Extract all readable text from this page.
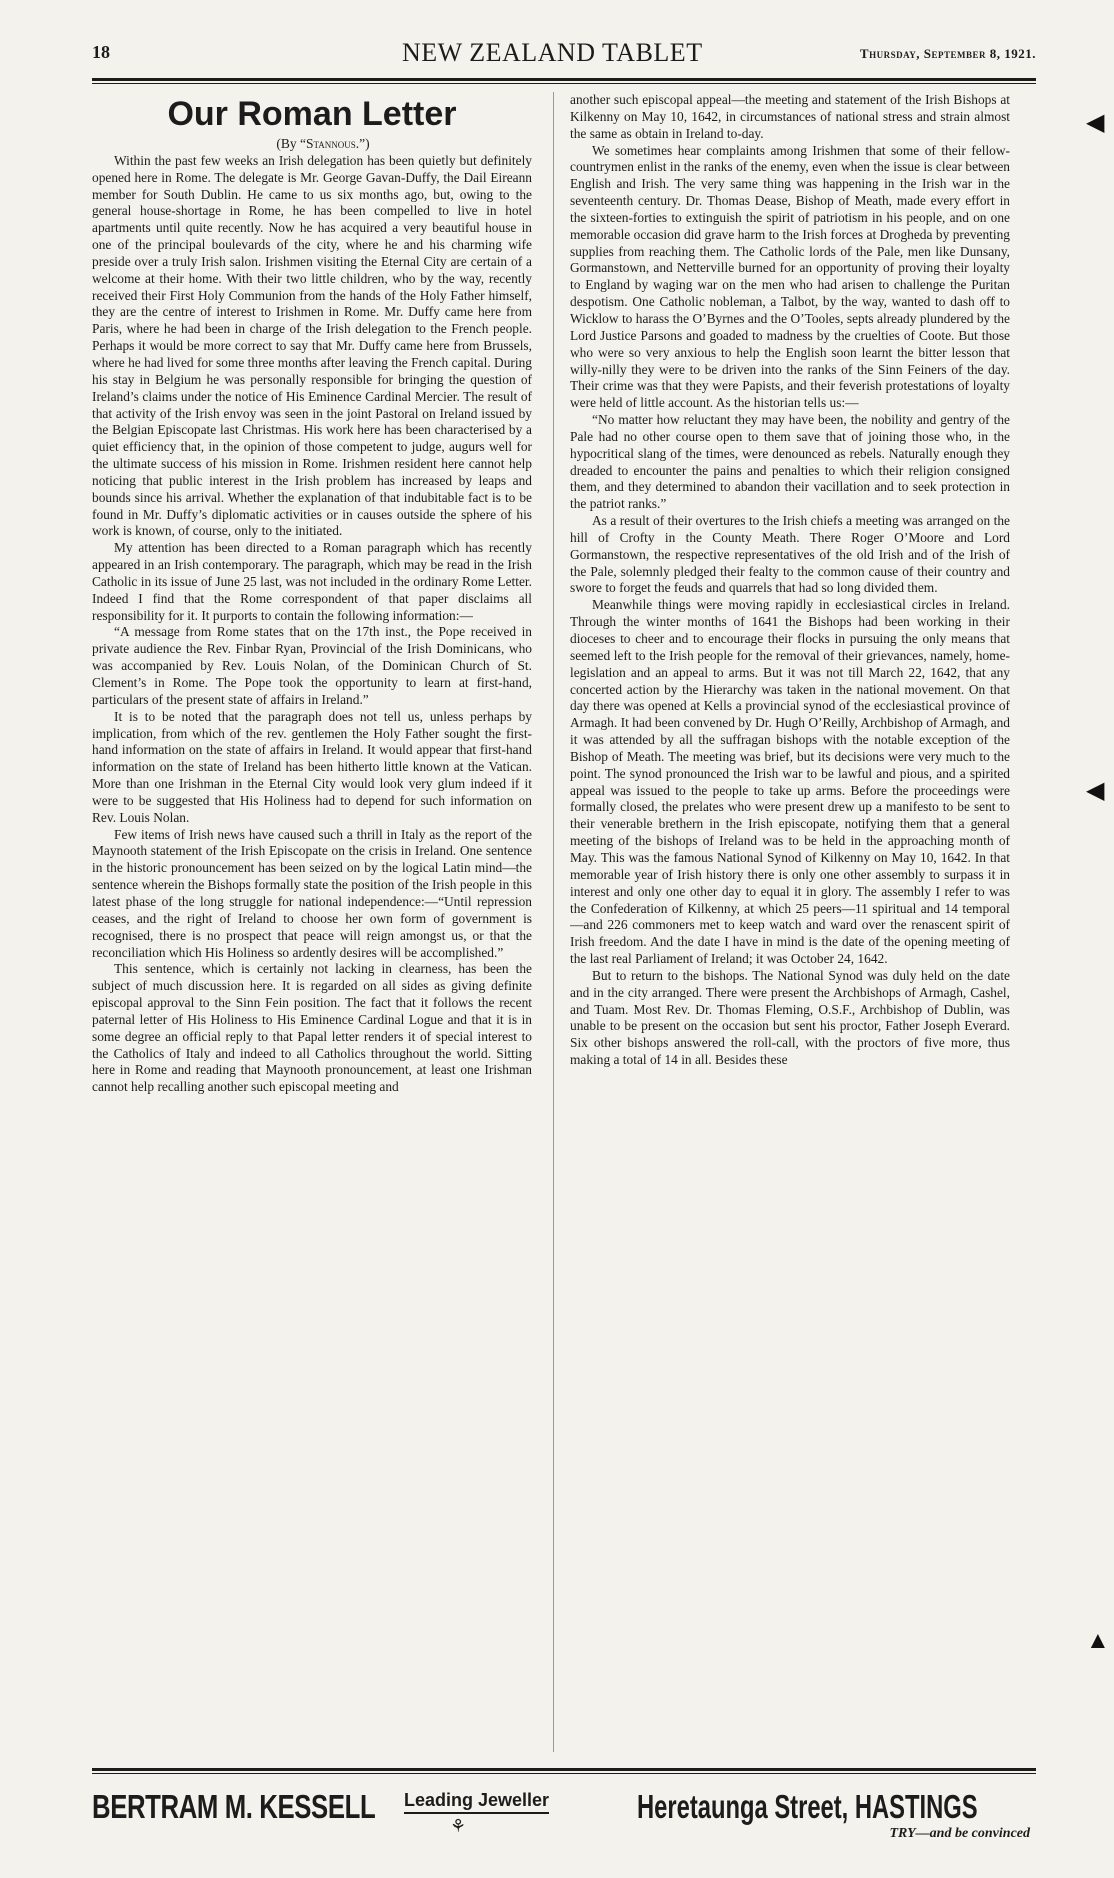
18	NEW ZEALAND TABLET	Thursday, September 8, 1921.
Our Roman Letter

(By “Stannous.”)

Within the past few weeks an Irish delegation has been quietly but definitely opened here in Rome. The delegate is Mr. George Gavan-Duffy, the Dail Eireann member for South Dublin. He came to us six months ago, but, owing to the general house-shortage in Rome, he has been compelled to live in hotel apartments until quite recently. Now he has acquired a very beautiful house in one of the principal boulevards of the city, where he and his charming wife preside over a truly Irish salon. Irishmen visiting the Eternal City are certain of a welcome at their home. With their two little children, who by the way, recently received their First Holy Communion from the hands of the Holy Father himself, they are the centre of interest to Irishmen in Rome. Mr. Duffy came here from Paris, where he had been in charge of the Irish delegation to the French people. Perhaps it would be more correct to say that Mr. Duffy came here from Brussels, where he had lived for some three months after leaving the French capital. During his stay in Belgium he was personally responsible for bringing the question of Ireland’s claims under the notice of His Eminence Cardinal Mercier. The result of that activity of the Irish envoy was seen in the joint Pastoral on Ireland issued by the Belgian Episcopate last Christmas. His work here has been characterised by a quiet efficiency that, in the opinion of those competent to judge, augurs well for the ultimate success of his mission in Rome. Irishmen resident here cannot help noticing that public interest in the Irish problem has increased by leaps and bounds since his arrival. Whether the explanation of that indubitable fact is to be found in Mr. Duffy’s diplomatic activities or in causes outside the sphere of his work is known, of course, only to the initiated.

My attention has been directed to a Roman paragraph which has recently appeared in an Irish contemporary. The paragraph, which may be read in the Irish Catholic in its issue of June 25 last, was not included in the ordinary Rome Letter. Indeed I find that the Rome correspondent of that paper disclaims all responsibility for it. It purports to contain the following information:—

“A message from Rome states that on the 17th inst., the Pope received in private audience the Rev. Finbar Ryan, Provincial of the Irish Dominicans, who was accompanied by Rev. Louis Nolan, of the Dominican Church of St. Clement’s in Rome. The Pope took the opportunity to learn at first-hand, particulars of the present state of affairs in Ireland.”

It is to be noted that the paragraph does not tell us, unless perhaps by implication, from which of the rev. gentlemen the Holy Father sought the first-hand information on the state of affairs in Ireland. It would appear that first-hand information on the state of Ireland has been hitherto little known at the Vatican. More than one Irishman in the Eternal City would look very glum indeed if it were to be suggested that His Holiness had to depend for such information on Rev. Louis Nolan.

Few items of Irish news have caused such a thrill in Italy as the report of the Maynooth statement of the Irish Episcopate on the crisis in Ireland. One sentence in the historic pronouncement has been seized on by the logical Latin mind—the sentence wherein the Bishops formally state the position of the Irish people in this latest phase of the long struggle for national independence:—“Until repression ceases, and the right of Ireland to choose her own form of government is recognised, there is no prospect that peace will reign amongst us, or that the reconciliation which His Holiness so ardently desires will be accomplished.”

This sentence, which is certainly not lacking in clearness, has been the subject of much discussion here. It is regarded on all sides as giving definite episcopal approval to the Sinn Fein position. The fact that it follows the recent paternal letter of His Holiness to His Eminence Cardinal Logue and that it is in some degree an official reply to that Papal letter renders it of special interest to the Catholics of Italy and indeed to all Catholics throughout the world. Sitting here in Rome and reading that Maynooth pronouncement, at least one Irishman cannot help recalling another such episcopal meeting and

another such episcopal appeal—the meeting and statement of the Irish Bishops at Kilkenny on May 10, 1642, in circumstances of national stress and strain almost the same as obtain in Ireland to-day.

We sometimes hear complaints among Irishmen that some of their fellow-countrymen enlist in the ranks of the enemy, even when the issue is clear between English and Irish. The very same thing was happening in the Irish war in the seventeenth century. Dr. Thomas Dease, Bishop of Meath, made every effort in the sixteen-forties to extinguish the spirit of patriotism in his people, and on one memorable occasion did grave harm to the Irish forces at Drogheda by preventing supplies from reaching them. The Catholic lords of the Pale, men like Dunsany, Gormanstown, and Netterville burned for an opportunity of proving their loyalty to England by waging war on the men who had arisen to challenge the Puritan despotism. One Catholic nobleman, a Talbot, by the way, wanted to dash off to Wicklow to harass the O’Byrnes and the O’Tooles, septs already plundered by the Lord Justice Parsons and goaded to madness by the cruelties of Coote. But those who were so very anxious to help the English soon learnt the bitter lesson that willy-nilly they were to be driven into the ranks of the Sinn Feiners of the day. Their crime was that they were Papists, and their feverish protestations of loyalty were held of little account. As the historian tells us:—

“No matter how reluctant they may have been, the nobility and gentry of the Pale had no other course open to them save that of joining those who, in the hypocritical slang of the times, were denounced as rebels. Naturally enough they dreaded to encounter the pains and penalties to which their religion consigned them, and they determined to abandon their vacillation and to seek protection in the patriot ranks.”

As a result of their overtures to the Irish chiefs a meeting was arranged on the hill of Crofty in the County Meath. There Roger O’Moore and Lord Gormanstown, the respective representatives of the old Irish and of the Irish of the Pale, solemnly pledged their fealty to the common cause of their country and swore to forget the feuds and quarrels that had so long divided them.

Meanwhile things were moving rapidly in ecclesiastical circles in Ireland. Through the winter months of 1641 the Bishops had been working in their dioceses to cheer and to encourage their flocks in pursuing the only means that seemed left to the Irish people for the removal of their grievances, namely, home-legislation and an appeal to arms. But it was not till March 22, 1642, that any concerted action by the Hierarchy was taken in the national movement. On that day there was opened at Kells a provincial synod of the ecclesiastical province of Armagh. It had been convened by Dr. Hugh O’Reilly, Archbishop of Armagh, and it was attended by all the suffragan bishops with the notable exception of the Bishop of Meath. The meeting was brief, but its decisions were very much to the point. The synod pronounced the Irish war to be lawful and pious, and a spirited appeal was issued to the people to take up arms. Before the proceedings were formally closed, the prelates who were present drew up a manifesto to be sent to their venerable brethern in the Irish episcopate, notifying them that a general meeting of the bishops of Ireland was to be held in the approaching month of May. This was the famous National Synod of Kilkenny on May 10, 1642. In that memorable year of Irish history there is only one other assembly to surpass it in interest and only one other day to equal it in glory. The assembly I refer to was the Confederation of Kilkenny, at which 25 peers—11 spiritual and 14 temporal—and 226 commoners met to keep watch and ward over the renascent spirit of Irish freedom. And the date I have in mind is the date of the opening meeting of the last real Parliament of Ireland; it was October 24, 1642.

But to return to the bishops. The National Synod was duly held on the date and in the city arranged. There were present the Archbishops of Armagh, Cashel, and Tuam. Most Rev. Dr. Thomas Fleming, O.S.F., Archbishop of Dublin, was unable to be present on the occasion but sent his proctor, Father Joseph Everard. Six other bishops answered the roll-call, with the proctors of five more, thus making a total of 14 in all. Besides these

BERTRAM M. KESSELL Leading Jeweller
⚘
Heretaunga Street, HASTINGS
TRY—and be convinced
◀
◀
▲
